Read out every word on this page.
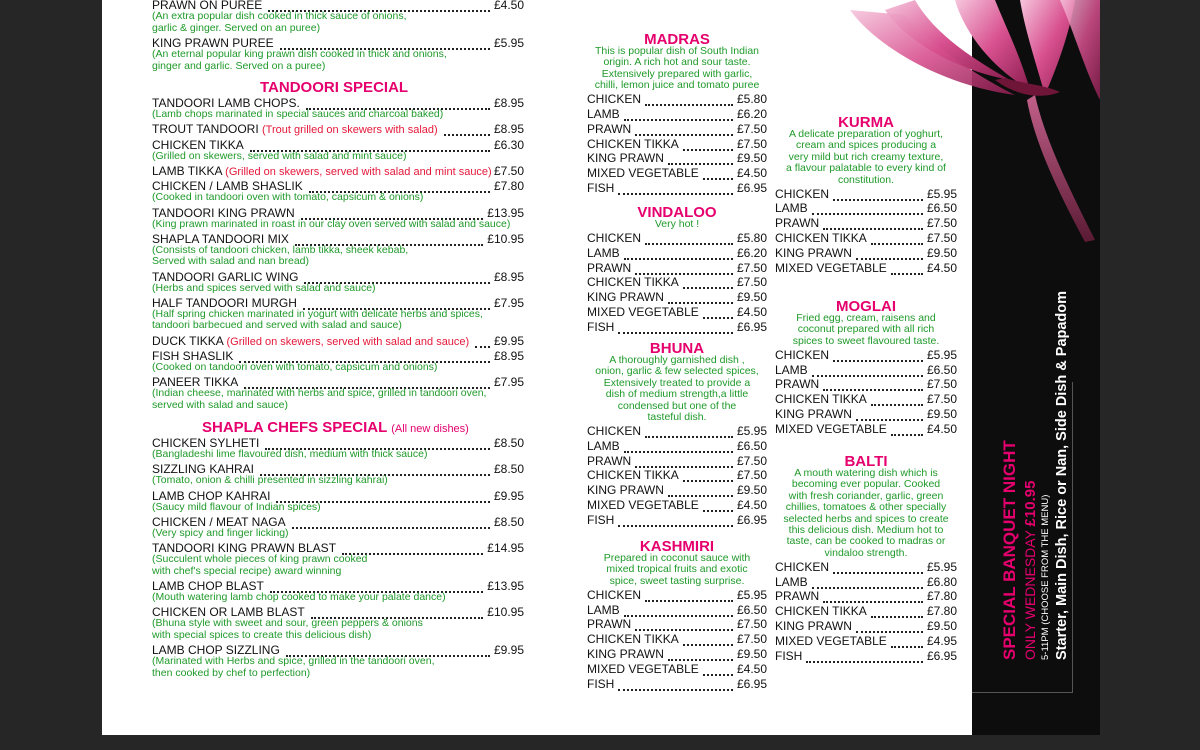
PRAWN ON PUREE	£4.50
(An extra popular dish cooked in thick sauce of onions,
garlic & ginger. Served on an puree)
KING PRAWN PUREE	£5.95
(An eternal popular king prawn dish cooked in thick and onions,
ginger and garlic. Served on a puree)
TANDOORI SPECIAL
TANDOORI LAMB CHOPS.	£8.95
(Lamb chops marinated in special sauces and charcoal baked)
TROUT TANDOORI (Trout grilled on skewers with salad)	£8.95
CHICKEN TIKKA	£6.30
(Grilled on skewers, served with salad and mint sauce)
LAMB TIKKA (Grilled on skewers, served with salad and mint sauce) £7.50
CHICKEN / LAMB SHASLIK	£7.80
(Cooked in tandoori oven with tomato, capsicum & onions)
TANDOORI KING PRAWN	£13.95
(King prawn marinated in roast in our clay oven served with salad and sauce)
SHAPLA TANDOORI MIX	£10.95
(Consists of tandoori chicken, lamb tikka, sheek kebab,
Served with salad and nan bread)
TANDOORI GARLIC WING	£8.95
(Herbs and spices served with salad and sauce)
HALF TANDOORI MURGH	£7.95
(Half spring chicken marinated in yogurt with delicate herbs and spices,
tandoori barbecued and served with salad and sauce)
DUCK TIKKA (Grilled on skewers, served with salad and sauce) £9.95
FISH SHASLIK	£8.95
(Cooked on tandoori oven with tomato, capsicum and onions)
PANEER TIKKA	£7.95
(Indian cheese, marinated with herbs and spice, grilled in tandoori oven,
served with salad and sauce)
SHAPLA CHEFS SPECIAL (All new dishes)
CHICKEN SYLHETI	£8.50
(Bangladeshi lime flavoured dish, medium with thick sauce)
SIZZLING KAHRAI	£8.50
(Tomato, onion & chilli presented in sizzling kahrai)
LAMB CHOP KAHRAI	£9.95
(Saucy mild flavour of Indian spices)
CHICKEN / MEAT NAGA	£8.50
(Very spicy and finger licking)
TANDOORI KING PRAWN BLAST	£14.95
(Succulent whole pieces of king prawn cooked
with chef's special recipe) award winning
LAMB CHOP BLAST	£13.95
(Mouth watering lamb chop cooked to make your palate dance)
CHICKEN OR LAMB BLAST	£10.95
(Bhuna style with sweet and sour, green peppers & onions
with special spices to create this delicious dish)
LAMB CHOP SIZZLING	£9.95
(Marinated with Herbs and spice, grilled in the tandoori oven,
then cooked by chef to perfection)
MADRAS
This is popular dish of South Indian
origin. A rich hot and sour taste.
Extensively prepared with garlic,
chilli, lemon juice and tomato puree
CHICKEN	£5.80
LAMB	£6.20
PRAWN	£7.50
CHICKEN TIKKA	£7.50
KING PRAWN	£9.50
MIXED VEGETABLE	£4.50
FISH	£6.95
VINDALOO
Very hot !
CHICKEN	£5.80
LAMB	£6.20
PRAWN	£7.50
CHICKEN TIKKA	£7.50
KING PRAWN	£9.50
MIXED VEGETABLE	£4.50
FISH	£6.95
BHUNA
A thoroughly garnished dish ,
onion, garlic & few selected spices,
Extensively treated to provide a
dish of medium strength,a little
condensed but one of the
tasteful dish.
CHICKEN	£5.95
LAMB	£6.50
PRAWN	£7.50
CHICKEN TIKKA	£7.50
KING PRAWN	£9.50
MIXED VEGETABLE	£4.50
FISH	£6.95
KASHMIRI
Prepared in coconut sauce with
mixed tropical fruits and exotic
spice, sweet tasting surprise.
CHICKEN	£5.95
LAMB	£6.50
PRAWN	£7.50
CHICKEN TIKKA	£7.50
KING PRAWN	£9.50
MIXED VEGETABLE	£4.50
FISH	£6.95
KURMA
A delicate preparation of yoghurt,
cream and spices producing a
very mild but rich creamy texture,
a flavour palatable to every kind of
constitution.
CHICKEN	£5.95
LAMB	£6.50
PRAWN	£7.50
CHICKEN TIKKA	£7.50
KING PRAWN	£9.50
MIXED VEGETABLE	£4.50
MOGLAI
Fried egg, cream, raisens and
coconut prepared with all rich
spices to sweet flavoured taste.
CHICKEN	£5.95
LAMB	£6.50
PRAWN	£7.50
CHICKEN TIKKA	£7.50
KING PRAWN	£9.50
MIXED VEGETABLE	£4.50
BALTI
A mouth watering dish which is
becoming ever popular. Cooked
with fresh coriander, garlic, green
chillies, tomatoes & other specially
selected herbs and spices to create
this delicious dish. Medium hot to
taste, can be cooked to madras or
vindaloo strength.
CHICKEN	£5.95
LAMB	£6.80
PRAWN	£7.80
CHICKEN TIKKA	£7.80
KING PRAWN	£9.50
MIXED VEGETABLE	£4.95
FISH	£6.95	SPECIAL BANQUET NIGHT ONLY WEDNESDAY £10.95 5-11PM (CHOOSE FROM THE MENU) Starter, Main Dish, Rice or Nan, Side Dish & Papadom
